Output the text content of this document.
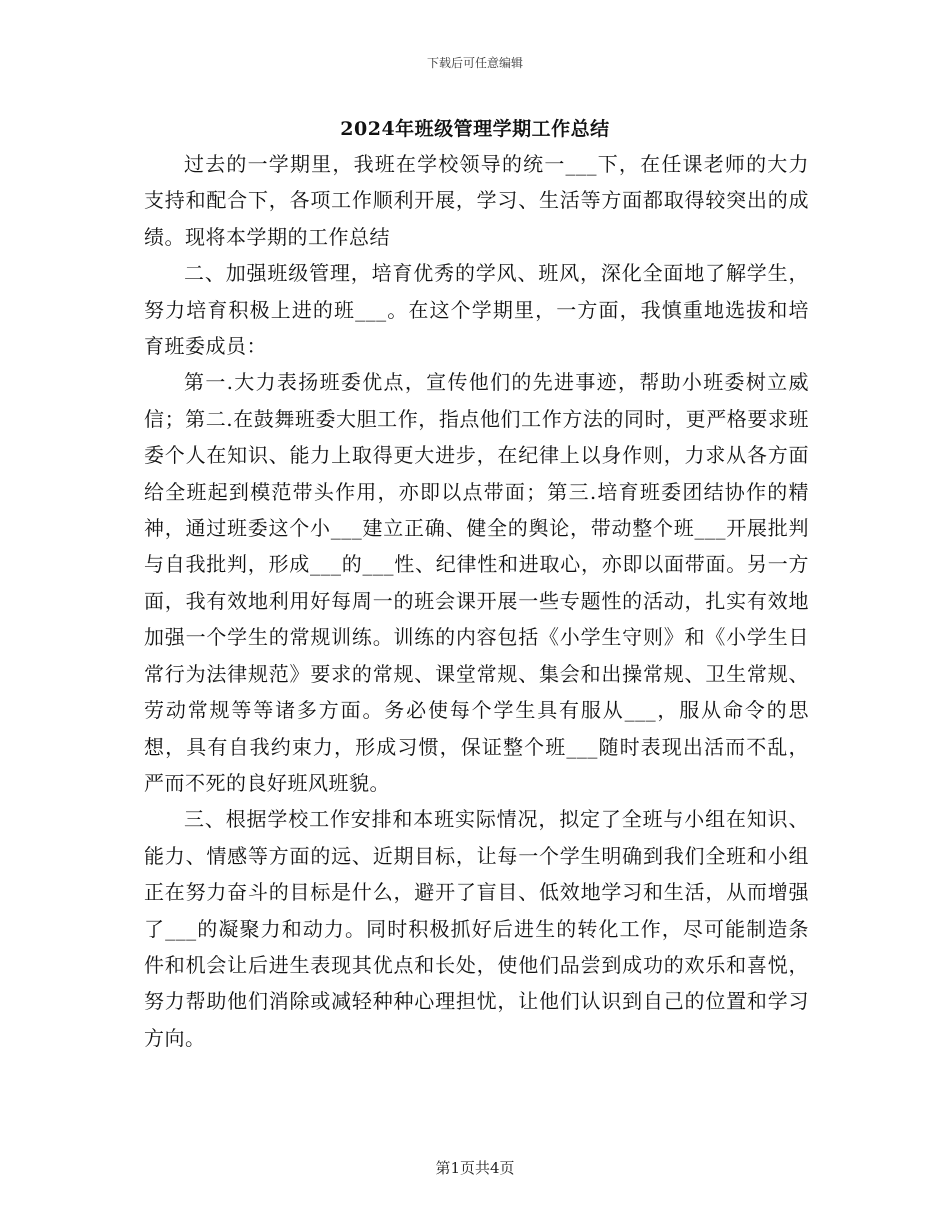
下载后可任意编辑
2024年班级管理学期工作总结

过去的一学期里，我班在学校领导的统一___下，在任课老师的大力支持和配合下，各项工作顺利开展，学习、生活等方面都取得较突出的成绩。现将本学期的工作总结

二、加强班级管理，培育优秀的学风、班风，深化全面地了解学生，努力培育积极上进的班___。在这个学期里，一方面，我慎重地选拔和培育班委成员：

第一.大力表扬班委优点，宣传他们的先进事迹，帮助小班委树立威信；第二.在鼓舞班委大胆工作，指点他们工作方法的同时，更严格要求班委个人在知识、能力上取得更大进步，在纪律上以身作则，力求从各方面给全班起到模范带头作用，亦即以点带面；第三.培育班委团结协作的精神，通过班委这个小___建立正确、健全的舆论，带动整个班___开展批判与自我批判，形成___的___性、纪律性和进取心，亦即以面带面。另一方面，我有效地利用好每周一的班会课开展一些专题性的活动，扎实有效地加强一个学生的常规训练。训练的内容包括《小学生守则》和《小学生日常行为法律规范》要求的常规、课堂常规、集会和出操常规、卫生常规、劳动常规等等诸多方面。务必使每个学生具有服从___，服从命令的思想，具有自我约束力，形成习惯，保证整个班___随时表现出活而不乱，严而不死的良好班风班貌。

三、根据学校工作安排和本班实际情况，拟定了全班与小组在知识、能力、情感等方面的远、近期目标，让每一个学生明确到我们全班和小组正在努力奋斗的目标是什么，避开了盲目、低效地学习和生活，从而增强了___的凝聚力和动力。同时积极抓好后进生的转化工作，尽可能制造条件和机会让后进生表现其优点和长处，使他们品尝到成功的欢乐和喜悦，努力帮助他们消除或减轻种种心理担忧，让他们认识到自己的位置和学习方向。

第1页共4页
